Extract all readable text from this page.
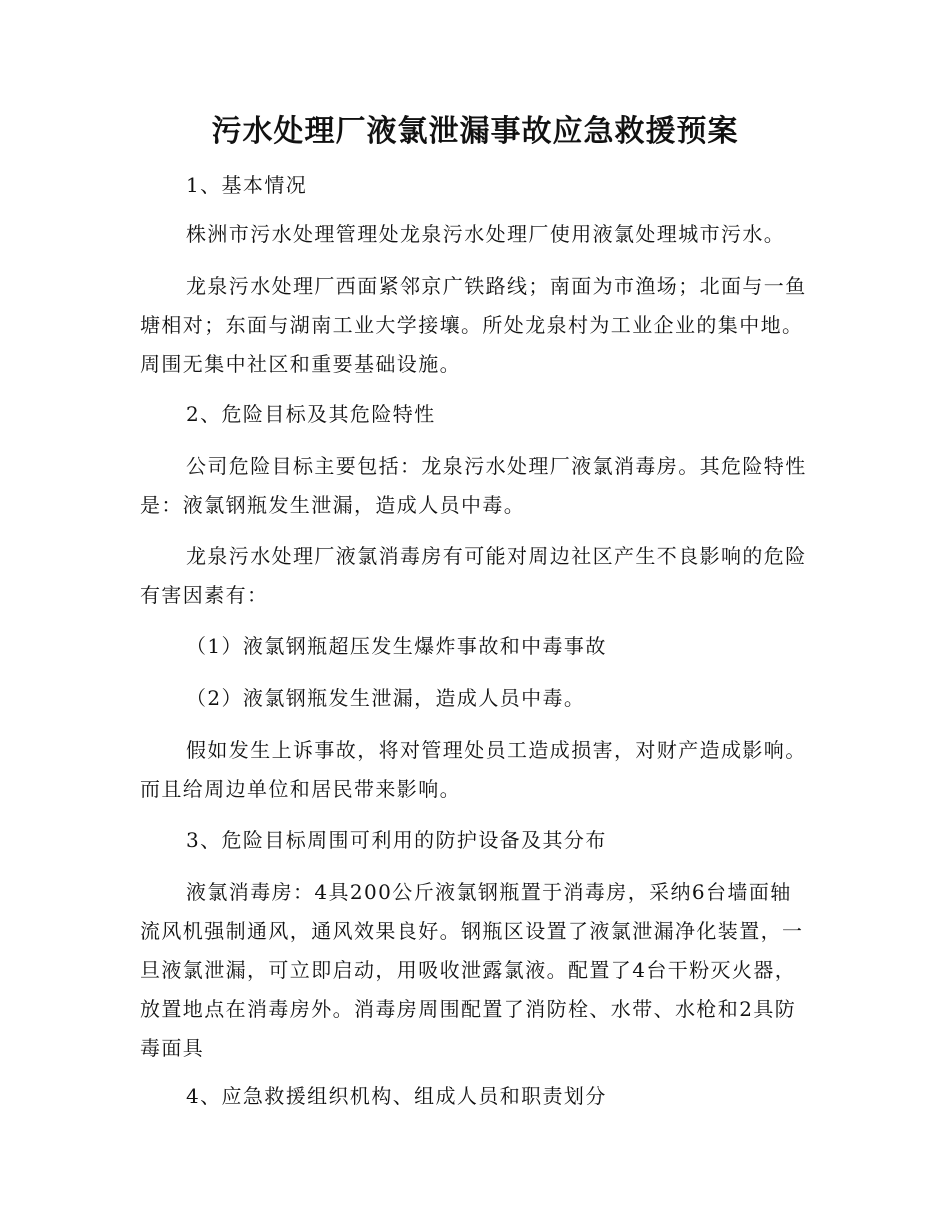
污水处理厂液氯泄漏事故应急救援预案

1、基本情况

株洲市污水处理管理处龙泉污水处理厂使用液氯处理城市污水。

龙泉污水处理厂西面紧邻京广铁路线；南面为市渔场；北面与一鱼塘相对；东面与湖南工业大学接壤。所处龙泉村为工业企业的集中地。周围无集中社区和重要基础设施。

2、危险目标及其危险特性

公司危险目标主要包括：龙泉污水处理厂液氯消毒房。其危险特性是：液氯钢瓶发生泄漏，造成人员中毒。

龙泉污水处理厂液氯消毒房有可能对周边社区产生不良影响的危险有害因素有：

（1）液氯钢瓶超压发生爆炸事故和中毒事故

（2）液氯钢瓶发生泄漏，造成人员中毒。

假如发生上诉事故，将对管理处员工造成损害，对财产造成影响。而且给周边单位和居民带来影响。

3、危险目标周围可利用的防护设备及其分布

液氯消毒房：4具200公斤液氯钢瓶置于消毒房，采纳6台墙面轴流风机强制通风，通风效果良好。钢瓶区设置了液氯泄漏净化装置，一旦液氯泄漏，可立即启动，用吸收泄露氯液。配置了4台干粉灭火器，放置地点在消毒房外。消毒房周围配置了消防栓、水带、水枪和2具防毒面具

4、应急救援组织机构、组成人员和职责划分
